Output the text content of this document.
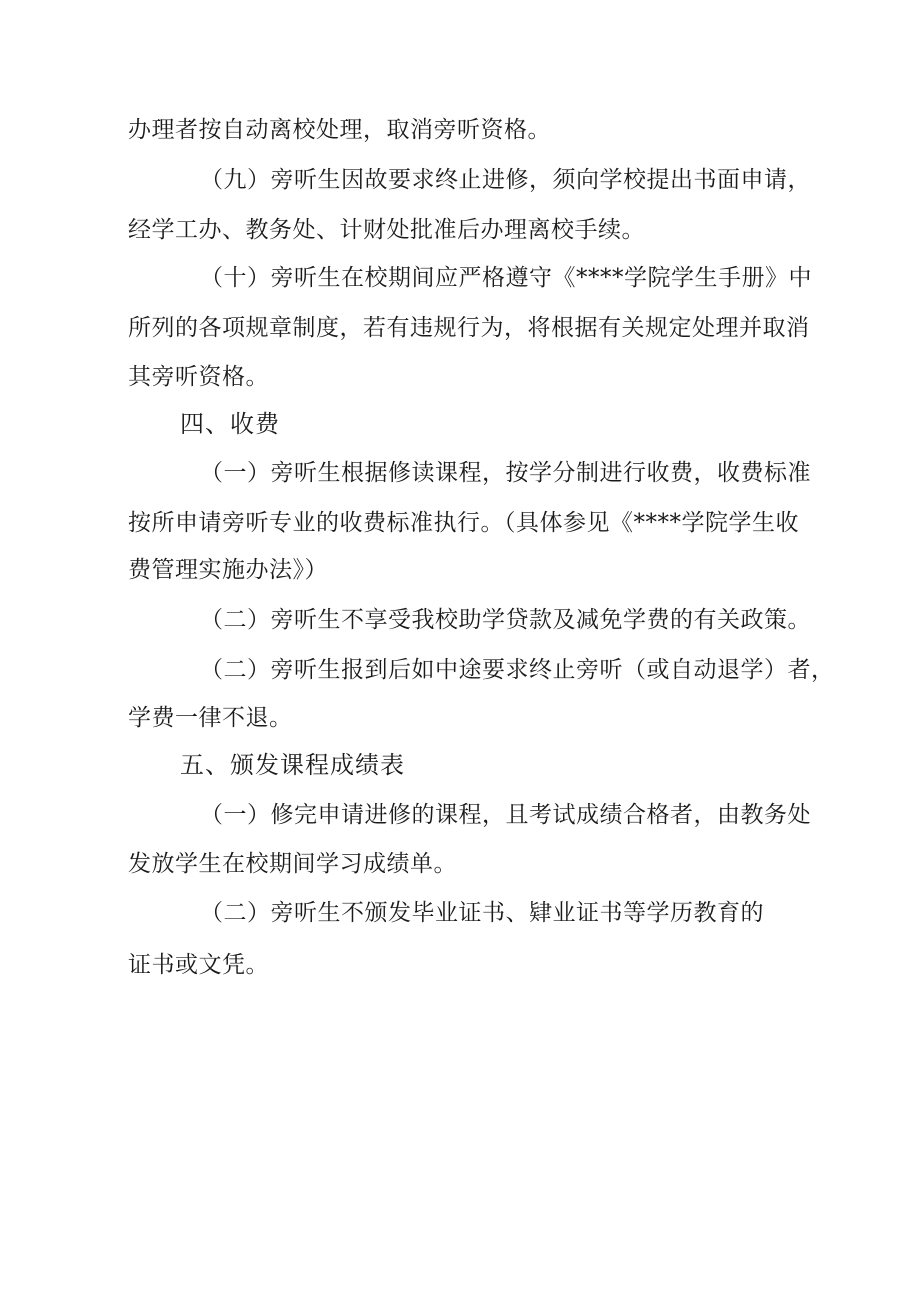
办理者按自动离校处理，取消旁听资格。
（九）旁听生因故要求终止进修，须向学校提出书面申请，
经学工办、教务处、计财处批准后办理离校手续。
（十）旁听生在校期间应严格遵守《****学院学生手册》中
所列的各项规章制度，若有违规行为，将根据有关规定处理并取消
其旁听资格。
四、收费
（一）旁听生根据修读课程，按学分制进行收费，收费标准
按所申请旁听专业的收费标准执行。（具体参见《****学院学生收
费管理实施办法》）
（二）旁听生不享受我校助学贷款及减免学费的有关政策。
（二）旁听生报到后如中途要求终止旁听（或自动退学）者，
学费一律不退。
五、颁发课程成绩表
（一）修完申请进修的课程，且考试成绩合格者，由教务处
发放学生在校期间学习成绩单。
（二）旁听生不颁发毕业证书、肄业证书等学历教育的
证书或文凭。
